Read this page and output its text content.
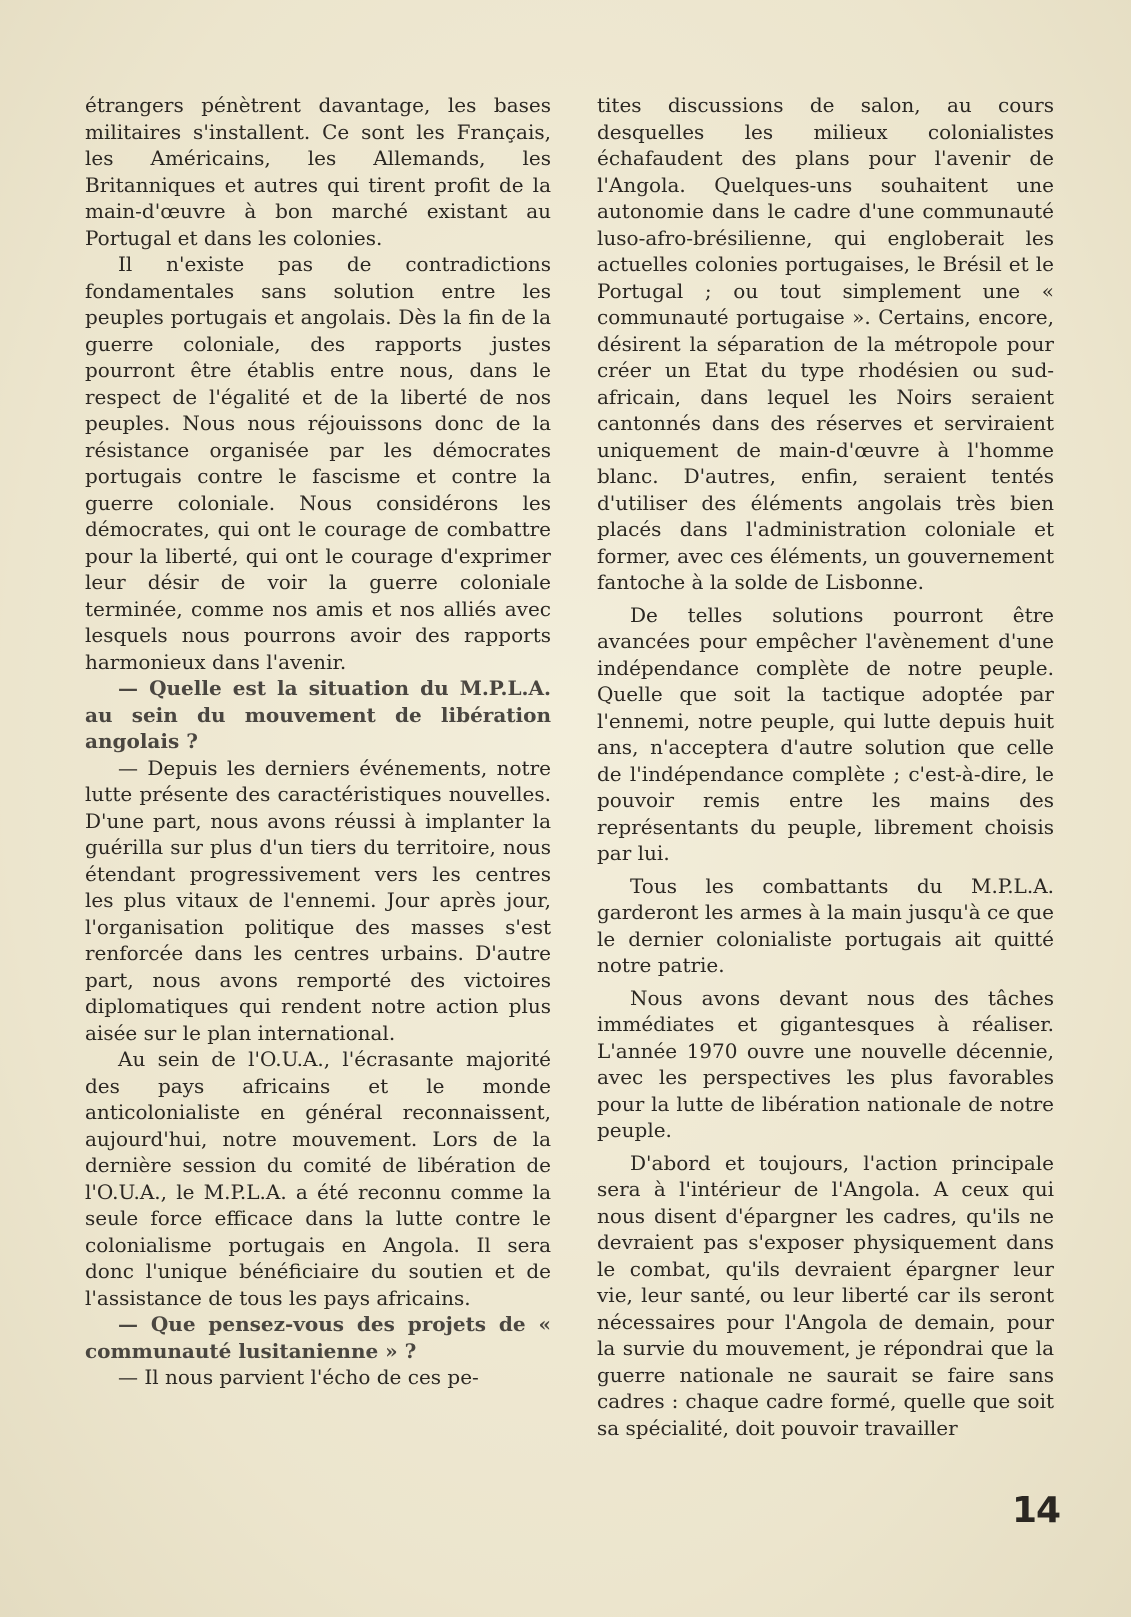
étrangers pénètrent davantage, les bases militaires s'installent. Ce sont les Français, les Américains, les Allemands, les Britanniques et autres qui tirent profit de la main-d'œuvre à bon marché existant au Portugal et dans les colonies.

Il n'existe pas de contradictions fondamentales sans solution entre les peuples portugais et angolais. Dès la fin de la guerre coloniale, des rapports justes pourront être établis entre nous, dans le respect de l'égalité et de la liberté de nos peuples. Nous nous réjouissons donc de la résistance organisée par les démocrates portugais contre le fascisme et contre la guerre coloniale. Nous considérons les démocrates, qui ont le courage de combattre pour la liberté, qui ont le courage d'exprimer leur désir de voir la guerre coloniale terminée, comme nos amis et nos alliés avec lesquels nous pourrons avoir des rapports harmonieux dans l'avenir.

— Quelle est la situation du M.P.L.A. au sein du mouvement de libération angolais ?

— Depuis les derniers événements, notre lutte présente des caractéristiques nouvelles. D'une part, nous avons réussi à implanter la guérilla sur plus d'un tiers du territoire, nous étendant progressivement vers les centres les plus vitaux de l'ennemi. Jour après jour, l'organisation politique des masses s'est renforcée dans les centres urbains. D'autre part, nous avons remporté des victoires diplomatiques qui rendent notre action plus aisée sur le plan international.

Au sein de l'O.U.A., l'écrasante majorité des pays africains et le monde anticolonialiste en général reconnaissent, aujourd'hui, notre mouvement. Lors de la dernière session du comité de libération de l'O.U.A., le M.P.L.A. a été reconnu comme la seule force efficace dans la lutte contre le colonialisme portugais en Angola. Il sera donc l'unique bénéficiaire du soutien et de l'assistance de tous les pays africains.

— Que pensez-vous des projets de « communauté lusitanienne » ?

— Il nous parvient l'écho de ces pe-

tites discussions de salon, au cours desquelles les milieux colonialistes échafaudent des plans pour l'avenir de l'Angola. Quelques-uns souhaitent une autonomie dans le cadre d'une communauté luso-afro-brésilienne, qui engloberait les actuelles colonies portugaises, le Brésil et le Portugal ; ou tout simplement une « communauté portugaise ». Certains, encore, désirent la séparation de la métropole pour créer un Etat du type rhodésien ou sud-africain, dans lequel les Noirs seraient cantonnés dans des réserves et serviraient uniquement de main-d'œuvre à l'homme blanc. D'autres, enfin, seraient tentés d'utiliser des éléments angolais très bien placés dans l'administration coloniale et former, avec ces éléments, un gouvernement fantoche à la solde de Lisbonne.

De telles solutions pourront être avancées pour empêcher l'avènement d'une indépendance complète de notre peuple. Quelle que soit la tactique adoptée par l'ennemi, notre peuple, qui lutte depuis huit ans, n'acceptera d'autre solution que celle de l'indépendance complète ; c'est-à-dire, le pouvoir remis entre les mains des représentants du peuple, librement choisis par lui.

Tous les combattants du M.P.L.A. garderont les armes à la main jusqu'à ce que le dernier colonialiste portugais ait quitté notre patrie.

Nous avons devant nous des tâches immédiates et gigantesques à réaliser. L'année 1970 ouvre une nouvelle décennie, avec les perspectives les plus favorables pour la lutte de libération nationale de notre peuple.

D'abord et toujours, l'action principale sera à l'intérieur de l'Angola. A ceux qui nous disent d'épargner les cadres, qu'ils ne devraient pas s'exposer physiquement dans le combat, qu'ils devraient épargner leur vie, leur santé, ou leur liberté car ils seront nécessaires pour l'Angola de demain, pour la survie du mouvement, je répondrai que la guerre nationale ne saurait se faire sans cadres : chaque cadre formé, quelle que soit sa spécialité, doit pouvoir travailler

14
